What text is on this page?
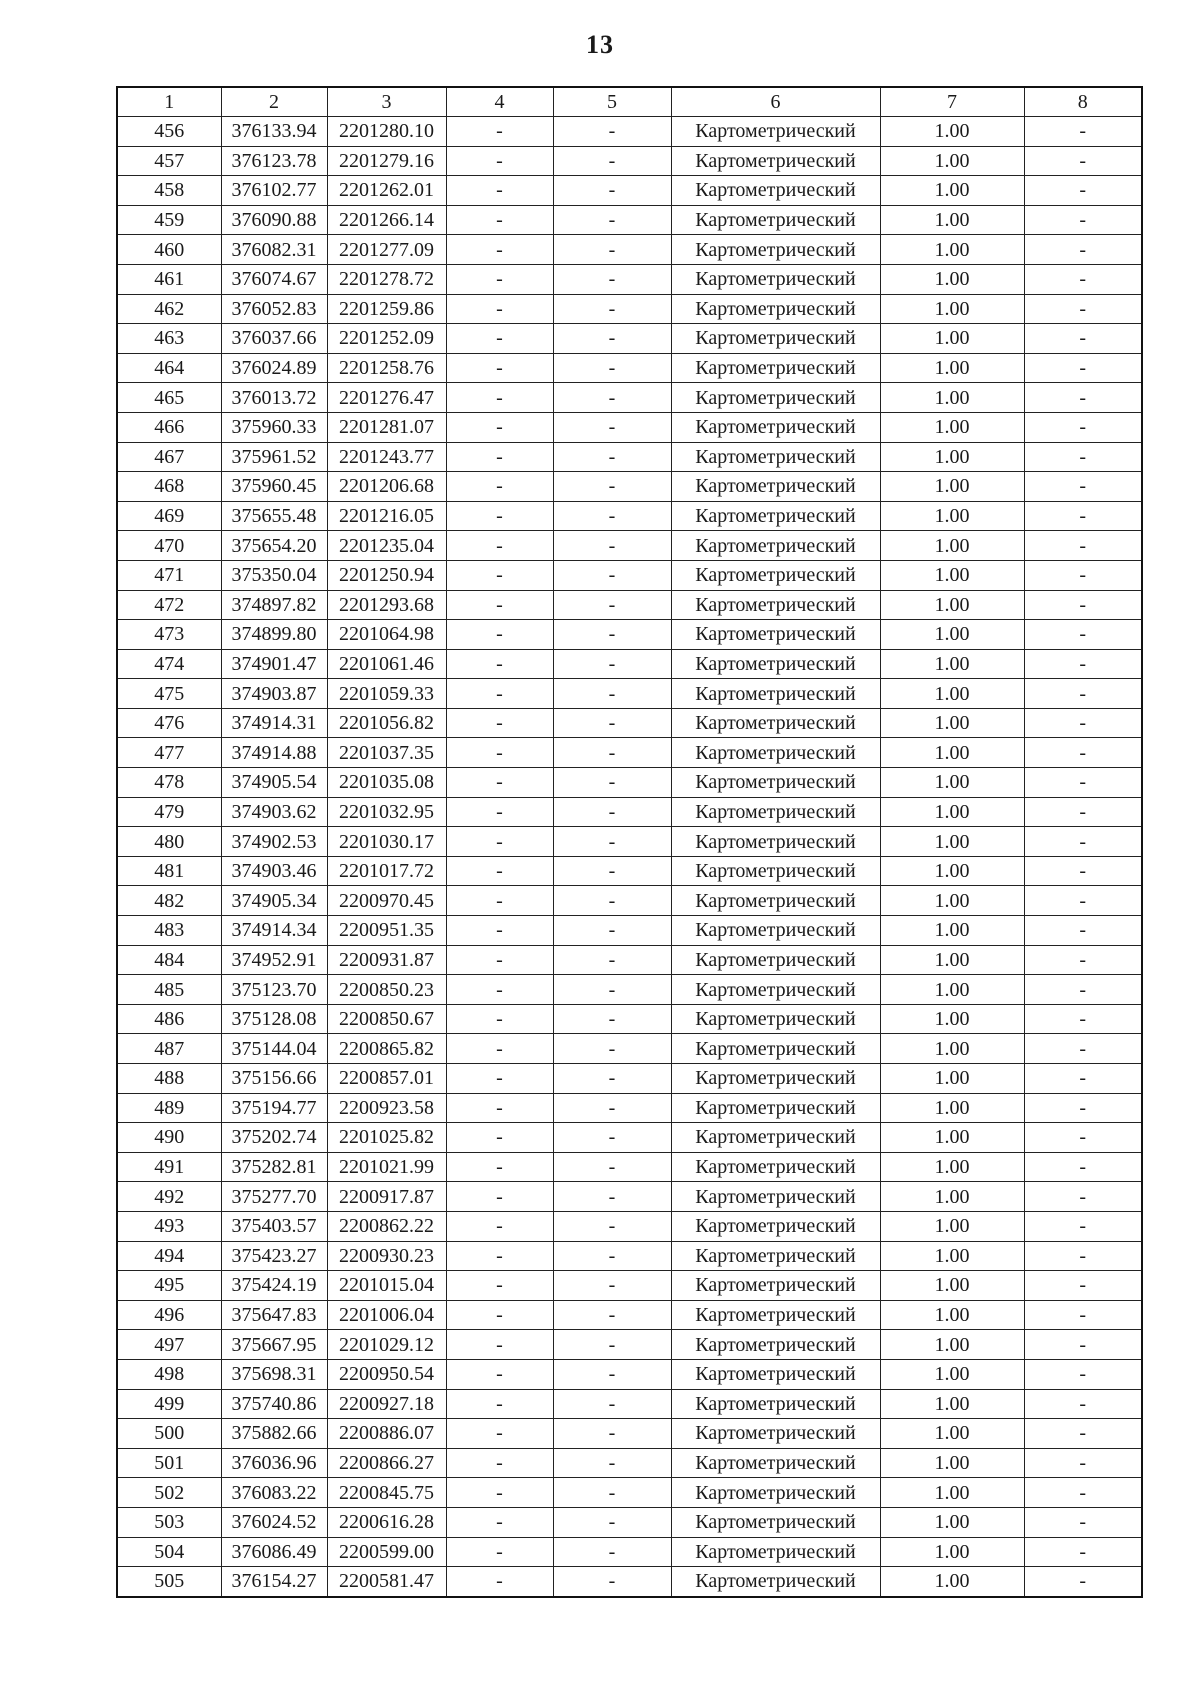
13
1	2	3	4	5	6	7	8
456	376133.94	2201280.10	-	-	Картометрический	1.00	-
457	376123.78	2201279.16	-	-	Картометрический	1.00	-
458	376102.77	2201262.01	-	-	Картометрический	1.00	-
459	376090.88	2201266.14	-	-	Картометрический	1.00	-
460	376082.31	2201277.09	-	-	Картометрический	1.00	-
461	376074.67	2201278.72	-	-	Картометрический	1.00	-
462	376052.83	2201259.86	-	-	Картометрический	1.00	-
463	376037.66	2201252.09	-	-	Картометрический	1.00	-
464	376024.89	2201258.76	-	-	Картометрический	1.00	-
465	376013.72	2201276.47	-	-	Картометрический	1.00	-
466	375960.33	2201281.07	-	-	Картометрический	1.00	-
467	375961.52	2201243.77	-	-	Картометрический	1.00	-
468	375960.45	2201206.68	-	-	Картометрический	1.00	-
469	375655.48	2201216.05	-	-	Картометрический	1.00	-
470	375654.20	2201235.04	-	-	Картометрический	1.00	-
471	375350.04	2201250.94	-	-	Картометрический	1.00	-
472	374897.82	2201293.68	-	-	Картометрический	1.00	-
473	374899.80	2201064.98	-	-	Картометрический	1.00	-
474	374901.47	2201061.46	-	-	Картометрический	1.00	-
475	374903.87	2201059.33	-	-	Картометрический	1.00	-
476	374914.31	2201056.82	-	-	Картометрический	1.00	-
477	374914.88	2201037.35	-	-	Картометрический	1.00	-
478	374905.54	2201035.08	-	-	Картометрический	1.00	-
479	374903.62	2201032.95	-	-	Картометрический	1.00	-
480	374902.53	2201030.17	-	-	Картометрический	1.00	-
481	374903.46	2201017.72	-	-	Картометрический	1.00	-
482	374905.34	2200970.45	-	-	Картометрический	1.00	-
483	374914.34	2200951.35	-	-	Картометрический	1.00	-
484	374952.91	2200931.87	-	-	Картометрический	1.00	-
485	375123.70	2200850.23	-	-	Картометрический	1.00	-
486	375128.08	2200850.67	-	-	Картометрический	1.00	-
487	375144.04	2200865.82	-	-	Картометрический	1.00	-
488	375156.66	2200857.01	-	-	Картометрический	1.00	-
489	375194.77	2200923.58	-	-	Картометрический	1.00	-
490	375202.74	2201025.82	-	-	Картометрический	1.00	-
491	375282.81	2201021.99	-	-	Картометрический	1.00	-
492	375277.70	2200917.87	-	-	Картометрический	1.00	-
493	375403.57	2200862.22	-	-	Картометрический	1.00	-
494	375423.27	2200930.23	-	-	Картометрический	1.00	-
495	375424.19	2201015.04	-	-	Картометрический	1.00	-
496	375647.83	2201006.04	-	-	Картометрический	1.00	-
497	375667.95	2201029.12	-	-	Картометрический	1.00	-
498	375698.31	2200950.54	-	-	Картометрический	1.00	-
499	375740.86	2200927.18	-	-	Картометрический	1.00	-
500	375882.66	2200886.07	-	-	Картометрический	1.00	-
501	376036.96	2200866.27	-	-	Картометрический	1.00	-
502	376083.22	2200845.75	-	-	Картометрический	1.00	-
503	376024.52	2200616.28	-	-	Картометрический	1.00	-
504	376086.49	2200599.00	-	-	Картометрический	1.00	-
505	376154.27	2200581.47	-	-	Картометрический	1.00	-
